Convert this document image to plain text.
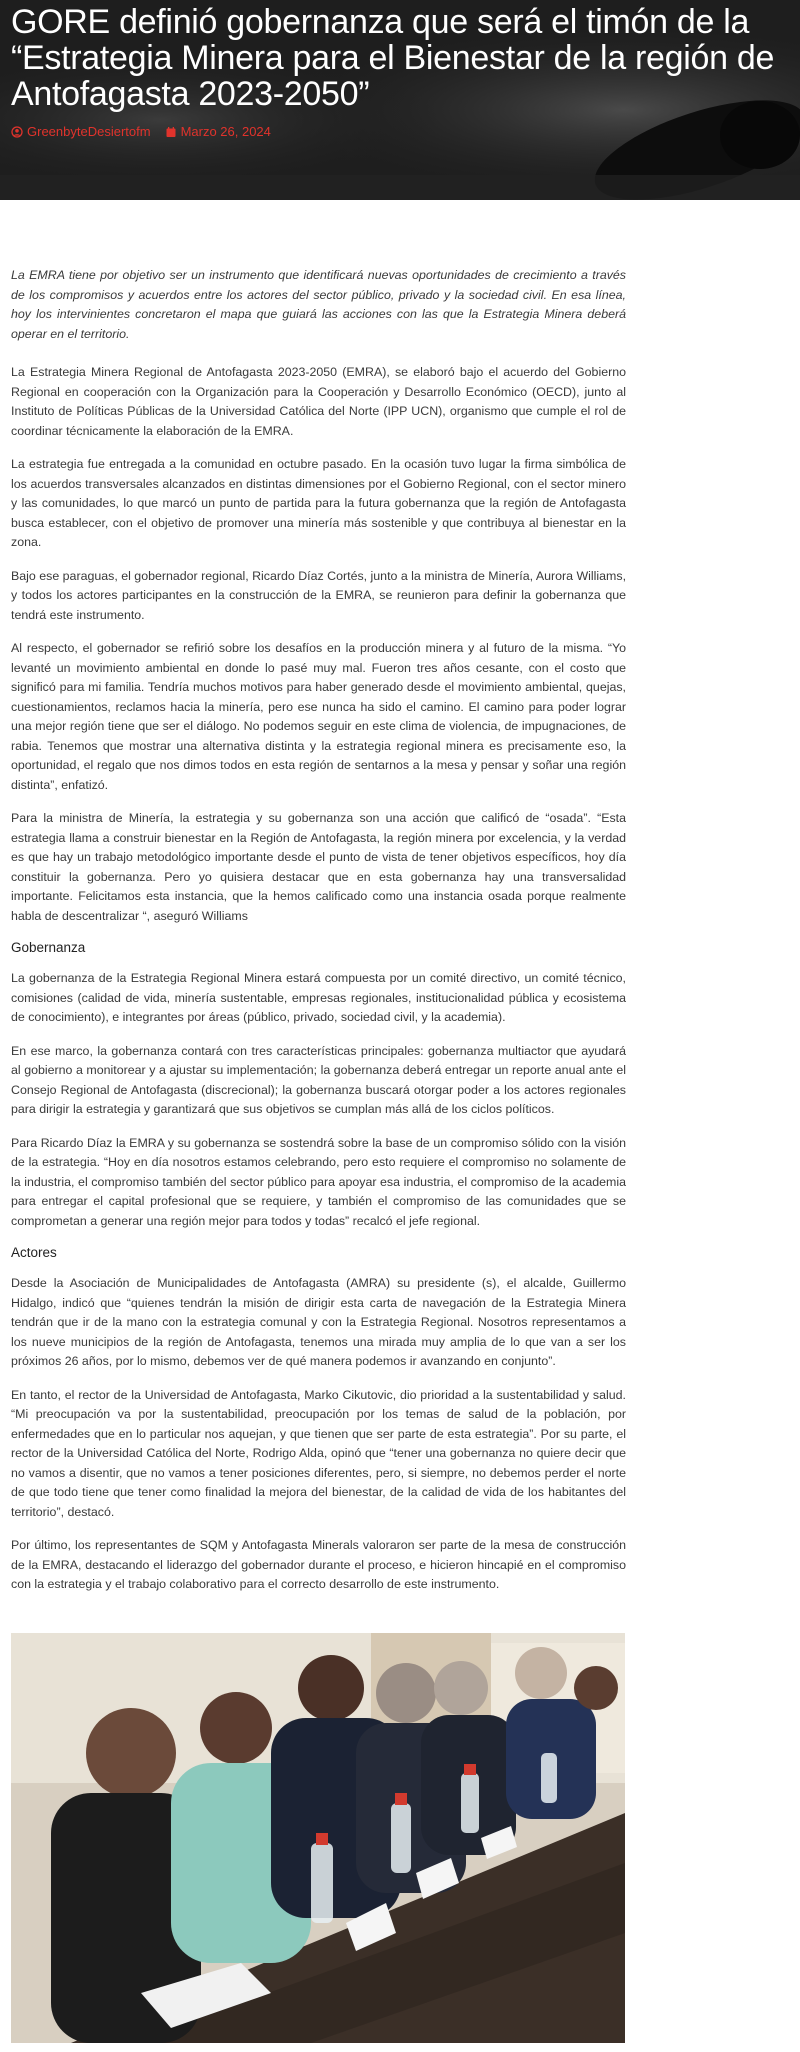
GORE definió gobernanza que será el timón de la “Estrategia Minera para el Bienestar de la región de Antofagasta 2023-2050”
GreenbyteDesiertofm Marzo 26, 2024

La EMRA tiene por objetivo ser un instrumento que identificará nuevas oportunidades de crecimiento a través de los compromisos y acuerdos entre los actores del sector público, privado y la sociedad civil. En esa línea, hoy los intervinientes concretaron el mapa que guiará las acciones con las que la Estrategia Minera deberá operar en el territorio.

La Estrategia Minera Regional de Antofagasta 2023-2050 (EMRA), se elaboró bajo el acuerdo del Gobierno Regional en cooperación con la Organización para la Cooperación y Desarrollo Económico (OECD), junto al Instituto de Políticas Públicas de la Universidad Católica del Norte (IPP UCN), organismo que cumple el rol de coordinar técnicamente la elaboración de la EMRA.

La estrategia fue entregada a la comunidad en octubre pasado. En la ocasión tuvo lugar la firma simbólica de los acuerdos transversales alcanzados en distintas dimensiones por el Gobierno Regional, con el sector minero y las comunidades, lo que marcó un punto de partida para la futura gobernanza que la región de Antofagasta busca establecer, con el objetivo de promover una minería más sostenible y que contribuya al bienestar en la zona.

Bajo ese paraguas, el gobernador regional, Ricardo Díaz Cortés, junto a la ministra de Minería, Aurora Williams, y todos los actores participantes en la construcción de la EMRA, se reunieron para definir la gobernanza que tendrá este instrumento.

Al respecto, el gobernador se refirió sobre los desafíos en la producción minera y al futuro de la misma. “Yo levanté un movimiento ambiental en donde lo pasé muy mal. Fueron tres años cesante, con el costo que significó para mi familia. Tendría muchos motivos para haber generado desde el movimiento ambiental, quejas, cuestionamientos, reclamos hacia la minería, pero ese nunca ha sido el camino. El camino para poder lograr una mejor región tiene que ser el diálogo. No podemos seguir en este clima de violencia, de impugnaciones, de rabia. Tenemos que mostrar una alternativa distinta y la estrategia regional minera es precisamente eso, la oportunidad, el regalo que nos dimos todos en esta región de sentarnos a la mesa y pensar y soñar una región distinta”, enfatizó.

Para la ministra de Minería, la estrategia y su gobernanza son una acción que calificó de “osada”. “Esta estrategia llama a construir bienestar en la Región de Antofagasta, la región minera por excelencia, y la verdad es que hay un trabajo metodológico importante desde el punto de vista de tener objetivos específicos, hoy día constituir la gobernanza. Pero yo quisiera destacar que en esta gobernanza hay una transversalidad importante. Felicitamos esta instancia, que la hemos calificado como una instancia osada porque realmente habla de descentralizar “, aseguró Williams

Gobernanza

La gobernanza de la Estrategia Regional Minera estará compuesta por un comité directivo, un comité técnico, comisiones (calidad de vida, minería sustentable, empresas regionales, institucionalidad pública y ecosistema de conocimiento), e integrantes por áreas (público, privado, sociedad civil, y la academia).

En ese marco, la gobernanza contará con tres características principales: gobernanza multiactor que ayudará al gobierno a monitorear y a ajustar su implementación; la gobernanza deberá entregar un reporte anual ante el Consejo Regional de Antofagasta (discrecional); la gobernanza buscará otorgar poder a los actores regionales para dirigir la estrategia y garantizará que sus objetivos se cumplan más allá de los ciclos políticos.

Para Ricardo Díaz la EMRA y su gobernanza se sostendrá sobre la base de un compromiso sólido con la visión de la estrategia. “Hoy en día nosotros estamos celebrando, pero esto requiere el compromiso no solamente de la industria, el compromiso también del sector público para apoyar esa industria, el compromiso de la academia para entregar el capital profesional que se requiere, y también el compromiso de las comunidades que se comprometan a generar una región mejor para todos y todas” recalcó el jefe regional.

Actores

Desde la Asociación de Municipalidades de Antofagasta (AMRA) su presidente (s), el alcalde, Guillermo Hidalgo, indicó que “quienes tendrán la misión de dirigir esta carta de navegación de la Estrategia Minera tendrán que ir de la mano con la estrategia comunal y con la Estrategia Regional. Nosotros representamos a los nueve municipios de la región de Antofagasta, tenemos una mirada muy amplia de lo que van a ser los próximos 26 años, por lo mismo, debemos ver de qué manera podemos ir avanzando en conjunto”.

En tanto, el rector de la Universidad de Antofagasta, Marko Cikutovic, dio prioridad a la sustentabilidad y salud. “Mi preocupación va por la sustentabilidad, preocupación por los temas de salud de la población, por enfermedades que en lo particular nos aquejan, y que tienen que ser parte de esta estrategia”. Por su parte, el rector de la Universidad Católica del Norte, Rodrigo Alda, opinó que “tener una gobernanza no quiere decir que no vamos a disentir, que no vamos a tener posiciones diferentes, pero, si siempre, no debemos perder el norte de que todo tiene que tener como finalidad la mejora del bienestar, de la calidad de vida de los habitantes del territorio”, destacó.

Por último, los representantes de SQM y Antofagasta Minerals valoraron ser parte de la mesa de construcción de la EMRA, destacando el liderazgo del gobernador durante el proceso, e hicieron hincapié en el compromiso con la estrategia y el trabajo colaborativo para el correcto desarrollo de este instrumento.
